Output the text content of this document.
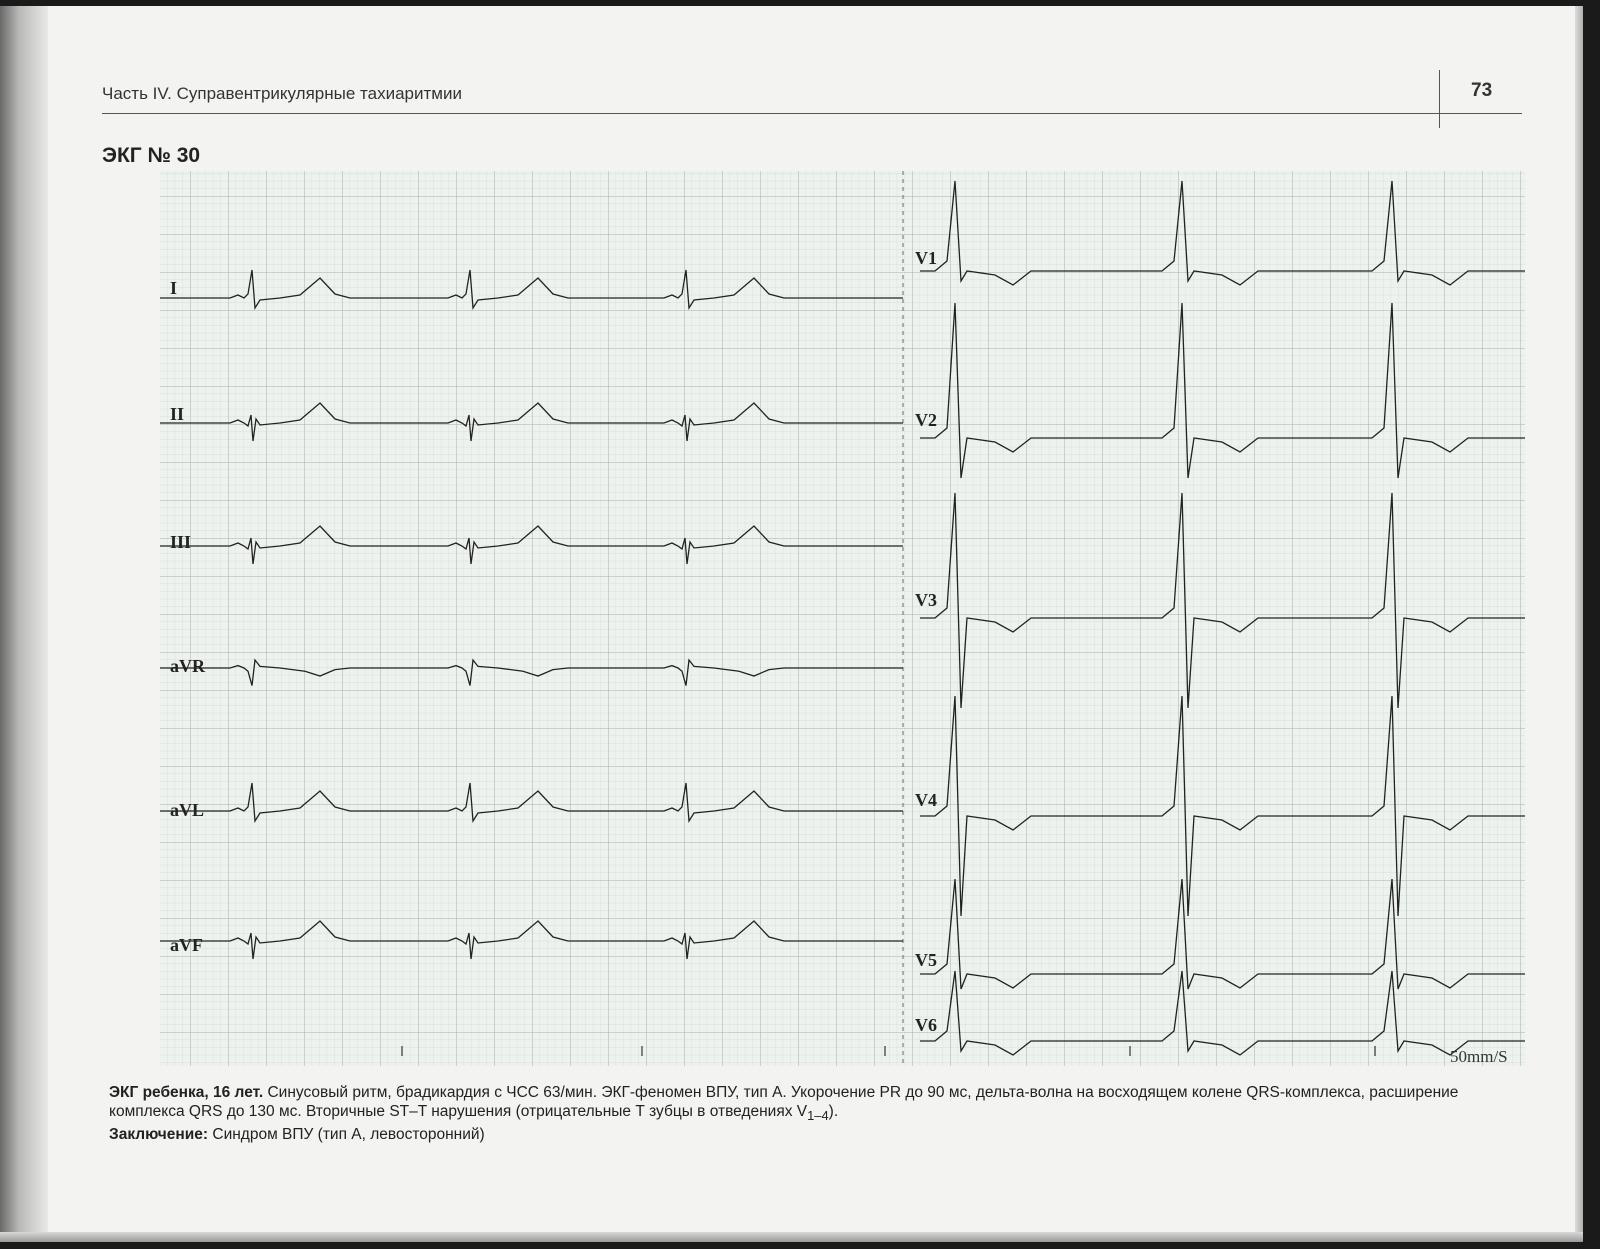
Часть IV. Суправентрикулярные тахиаритмии	73
ЭКГ № 30
I
II
III
aVR
aVL
aVF
V1
V2
V3
V4
V5
V6
50mm/S

ЭКГ ребенка, 16 лет. Синусовый ритм, брадикардия с ЧСС 63/мин. ЭКГ-феномен ВПУ, тип А. Укорочение PR до 90 мс, дельта-волна на восходящем колене QRS-комплекса, расширение комплекса QRS до 130 мс. Вторичные ST–T нарушения (отрицательные Т зубцы в отведениях $V_{1-4}$).

Заключение: Синдром ВПУ (тип А, левосторонний)
